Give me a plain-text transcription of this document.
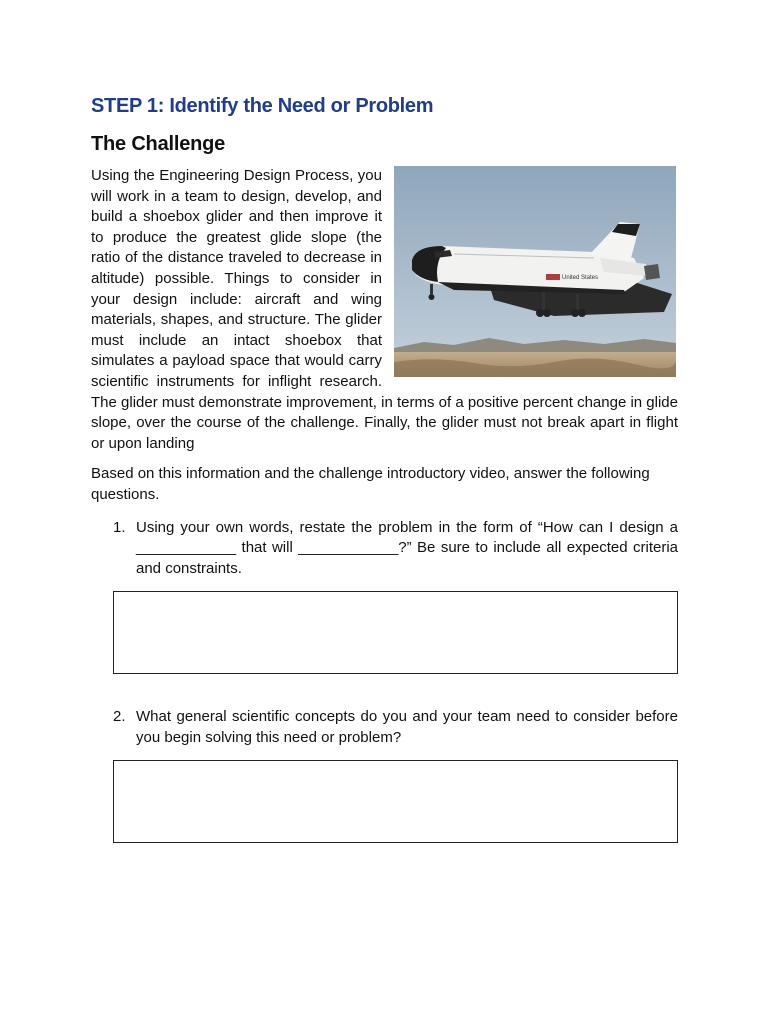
STEP 1: Identify the Need or Problem
The Challenge
United States

Using the Engineering Design Process, you will work in a team to design, develop, and build a shoebox glider and then improve it to produce the greatest glide slope (the ratio of the distance traveled to decrease in altitude) possible. Things to consider in your design include: aircraft and wing materials, shapes, and structure. The glider must include an intact shoebox that simulates a payload space that would carry scientific instruments for inflight research. The glider must demonstrate improvement, in terms of a positive percent change in glide slope, over the course of the challenge. Finally, the glider must not break apart in flight or upon landing

Based on this information and the challenge introductory video, answer the following questions.

1. Using your own words, restate the problem in the form of “How can I design a ____________ that will ____________?” Be sure to include all expected criteria and constraints.
2. What general scientific concepts do you and your team need to consider before you begin solving this need or problem?
